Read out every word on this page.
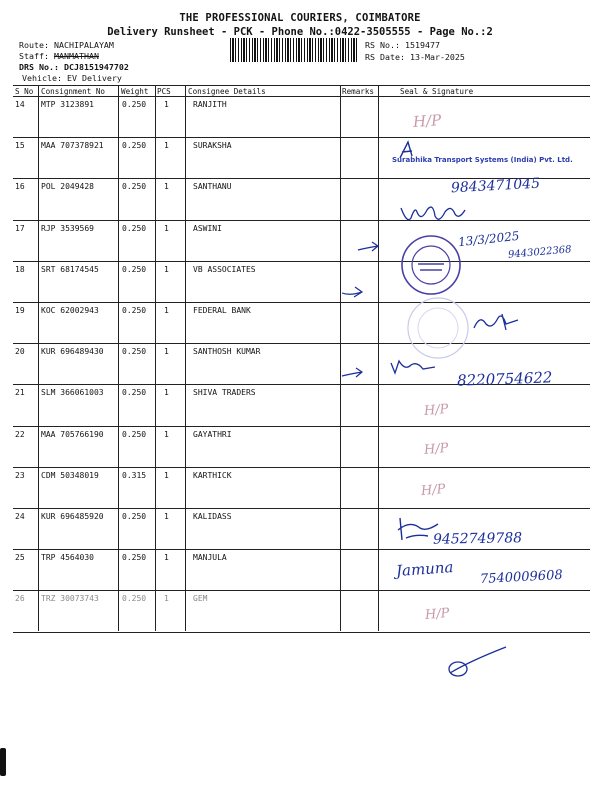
THE PROFESSIONAL COURIERS, COIMBATORE
Delivery Runsheet - PCK - Phone No.:0422-3505555 - Page No.:2
Route: NACHIPALAYAM
Staff: MANMATHAN
DRS No.: DCJ8151947702
Vehicle: EV Delivery
RS No.: 1519477
RS Date: 13-Mar-2025
S No Consignment No Weight PCS Consignee Details	Remarks	Seal & Signature
14 MTP 3123891	0.250 1	RANJITH
15 MAA 707378921 0.250 1	SURAKSHA
16 POL 2049428	0.250 1	SANTHANU
17 RJP 3539569	0.250 1	ASWINI
18 SRT 68174545	0.250 1	VB ASSOCIATES
19 KOC 62002943	0.250 1	FEDERAL BANK
20 KUR 696489430 0.250 1	SANTHOSH KUMAR
21 SLM 366061003 0.250 1	SHIVA TRADERS
22 MAA 705766190 0.250 1	GAYATHRI
23 CDM 50348019	0.315 1	KARTHICK
24 KUR 696485920 0.250 1	KALIDASS
25 TRP 4564030	0.250 1	MANJULA
26 TRZ 30073743	0.250 1	GEM
H/P
Surabhika Transport Systems (India) Pvt. Ltd.
9843471045
13/3/2025
9443022368
8220754622
H/P
H/P
H/P
9452749788
Jamuna 7540009608
H/P
